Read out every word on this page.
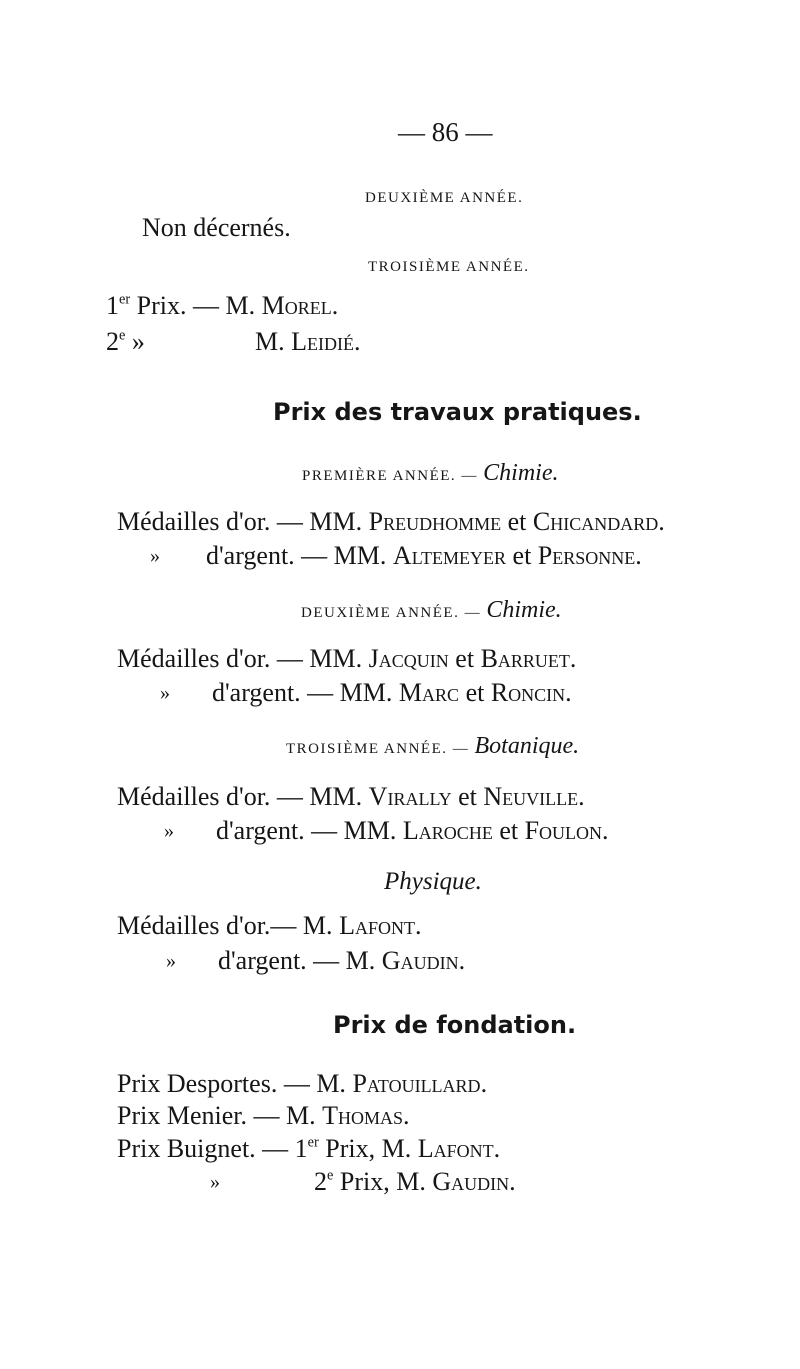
— 86 —
DEUXIÈME ANNÉE.
Non décernés.
TROISIÈME ANNÉE.
1er Prix. — M. Morel.
2e »	M. Leidié.
Prix des travaux pratiques.
PREMIÈRE ANNÉE. — Chimie.
Médailles d'or. — MM. Preudhomme et Chicandard.
» d'argent. — MM. Altemeyer et Personne.
DEUXIÈME ANNÉE. — Chimie.
Médailles d'or. — MM. Jacquin et Barruet.
» d'argent. — MM. Marc et Roncin.
TROISIÈME ANNÉE. — Botanique.
Médailles d'or. — MM. Virally et Neuville.
» d'argent. — MM. Laroche et Foulon.
Physique.
Médailles d'or.— M. Lafont.
» d'argent. — M. Gaudin.
Prix de fondation.
Prix Desportes. — M. Patouillard.
Prix Menier. — M. Thomas.
Prix Buignet. — 1er Prix, M. Lafont.
»	2e Prix, M. Gaudin.
